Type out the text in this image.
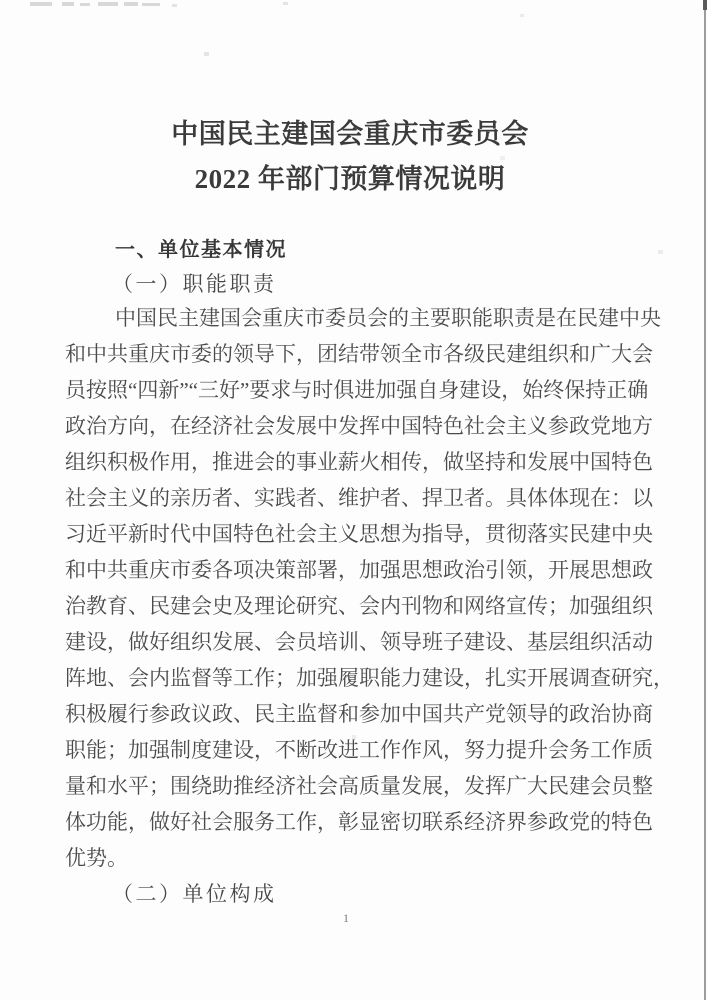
中国民主建国会重庆市委员会
2022 年部门预算情况说明
一、单位基本情况
（一）职能职责
中国民主建国会重庆市委员会的主要职能职责是在民建中央
和中共重庆市委的领导下，团结带领全市各级民建组织和广大会
员按照“四新”“三好”要求与时俱进加强自身建设，始终保持正确
政治方向，在经济社会发展中发挥中国特色社会主义参政党地方
组织积极作用，推进会的事业薪火相传，做坚持和发展中国特色
社会主义的亲历者、实践者、维护者、捍卫者。具体体现在：以
习近平新时代中国特色社会主义思想为指导，贯彻落实民建中央
和中共重庆市委各项决策部署，加强思想政治引领，开展思想政
治教育、民建会史及理论研究、会内刊物和网络宣传；加强组织
建设，做好组织发展、会员培训、领导班子建设、基层组织活动
阵地、会内监督等工作；加强履职能力建设，扎实开展调查研究，
积极履行参政议政、民主监督和参加中国共产党领导的政治协商
职能；加强制度建设，不断改进工作作风，努力提升会务工作质
量和水平；围绕助推经济社会高质量发展，发挥广大民建会员整
体功能，做好社会服务工作，彰显密切联系经济界参政党的特色
优势。
（二）单位构成
1
